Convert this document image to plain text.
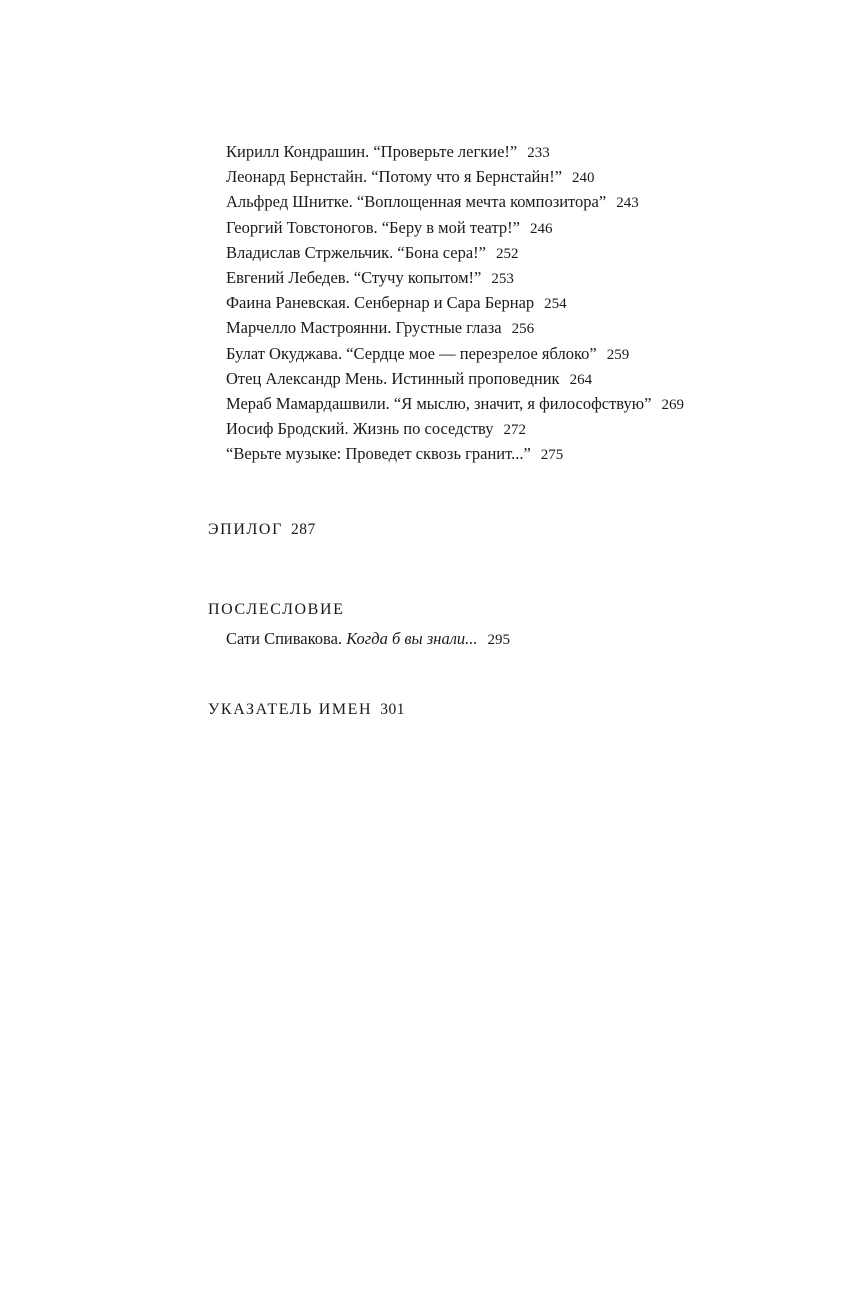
Кирилл Кондрашин. “Проверьте легкие!” 233
Леонард Бернстайн. “Потому что я Бернстайн!” 240
Альфред Шнитке. “Воплощенная мечта композитора” 243
Георгий Товстоногов. “Беру в мой театр!” 246
Владислав Стржельчик. “Бона сера!” 252
Евгений Лебедев. “Стучу копытом!” 253
Фаина Раневская. Сенбернар и Сара Бернар 254
Марчелло Мастроянни. Грустные глаза 256
Булат Окуджава. “Сердце мое — перезрелое яблоко” 259
Отец Александр Мень. Истинный проповедник 264
Мераб Мамардашвили. “Я мыслю, значит, я философствую” 269
Иосиф Бродский. Жизнь по соседству 272
“Верьте музыке: Проведет сквозь гранит...” 275
ЭПИЛОГ 287
ПОСЛЕСЛОВИЕ
Сати Спивакова. Когда б вы знали... 295
УКАЗАТЕЛЬ ИМЕН 301
